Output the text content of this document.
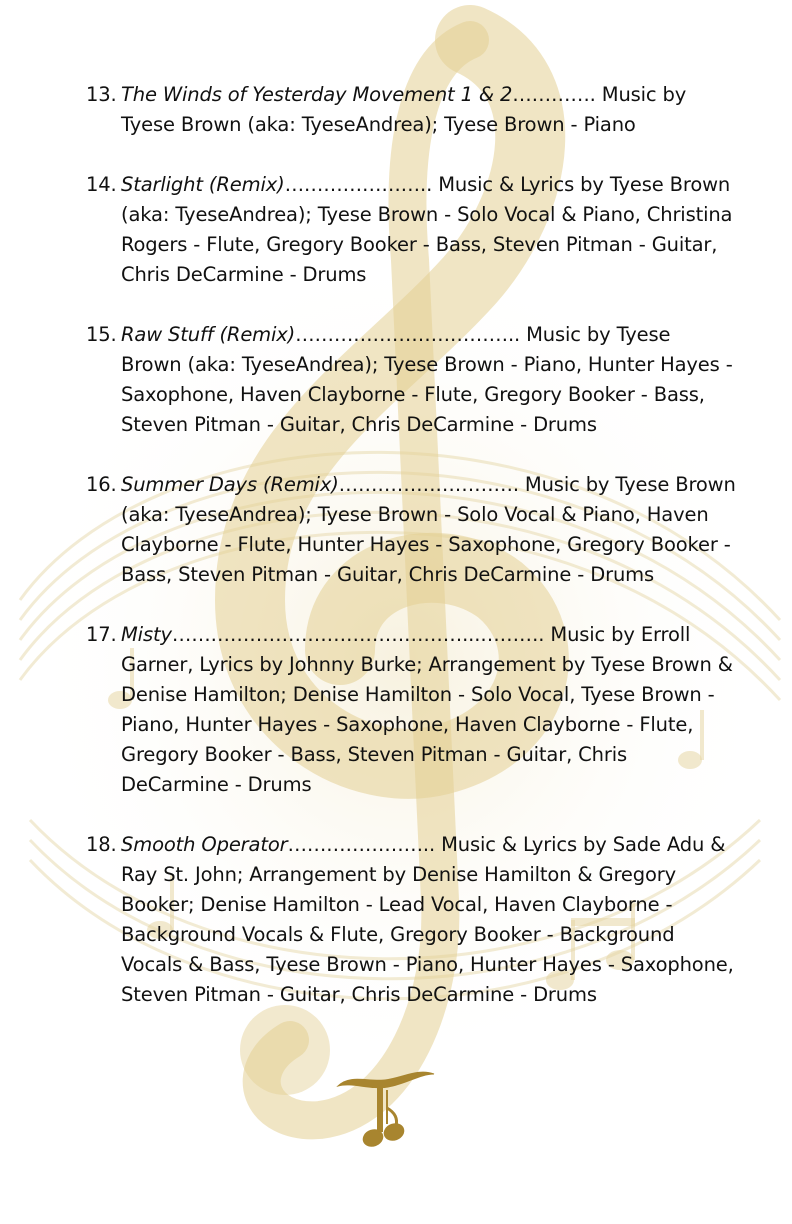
13. The Winds of Yesterday Movement 1 & 2…………. Music by Tyese Brown (aka: TyeseAndrea); Tyese Brown - Piano
14. Starlight (Remix)………………….. Music & Lyrics by Tyese Brown (aka: TyeseAndrea); Tyese Brown - Solo Vocal & Piano, Christina Rogers - Flute, Gregory Booker - Bass, Steven Pitman - Guitar, Chris DeCarmine - Drums
15. Raw Stuff (Remix)…………………………….. Music by Tyese Brown (aka: TyeseAndrea); Tyese Brown - Piano, Hunter Hayes - Saxophone, Haven Clayborne - Flute, Gregory Booker - Bass, Steven Pitman - Guitar, Chris DeCarmine - Drums
16. Summer Days (Remix)………………………. Music by Tyese Brown (aka: TyeseAndrea); Tyese Brown - Solo Vocal & Piano, Haven Clayborne - Flute, Hunter Hayes - Saxophone, Gregory Booker - Bass, Steven Pitman - Guitar, Chris DeCarmine - Drums
17. Misty………………………………………...………. Music by Erroll Garner, Lyrics by Johnny Burke; Arrangement by Tyese Brown & Denise Hamilton; Denise Hamilton - Solo Vocal, Tyese Brown - Piano, Hunter Hayes - Saxophone, Haven Clayborne - Flute, Gregory Booker - Bass, Steven Pitman - Guitar, Chris DeCarmine - Drums
18. Smooth Operator………………….. Music & Lyrics by Sade Adu & Ray St. John; Arrangement by Denise Hamilton & Gregory Booker; Denise Hamilton - Lead Vocal, Haven Clayborne - Background Vocals & Flute, Gregory Booker - Background Vocals & Bass, Tyese Brown - Piano, Hunter Hayes - Saxophone, Steven Pitman - Guitar, Chris DeCarmine - Drums
